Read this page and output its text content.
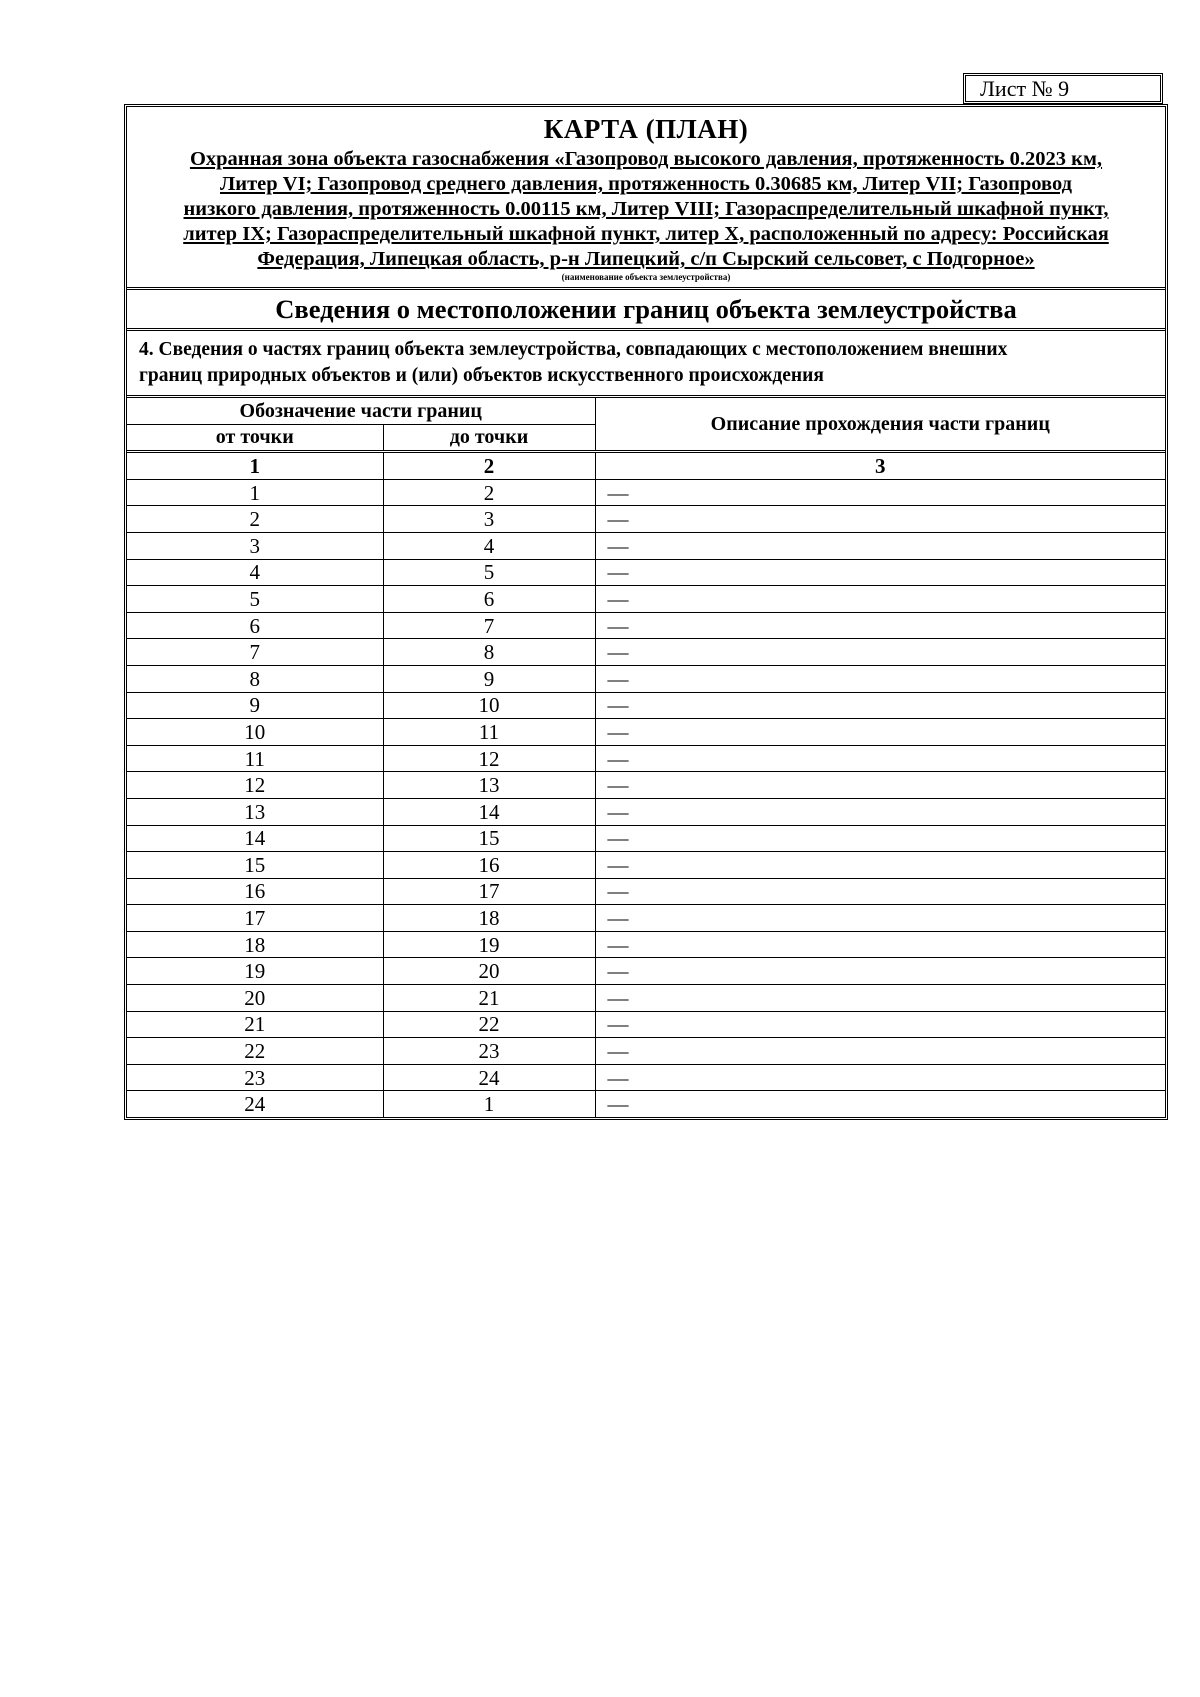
Лист № 9
КАРТА (ПЛАН)
Охранная зона объекта газоснабжения «Газопровод высокого давления, протяженность 0.2023 км,
Литер VI; Газопровод среднего давления, протяженность 0.30685 км, Литер VII; Газопровод
низкого давления, протяженность 0.00115 км, Литер VIII; Газораспределительный шкафной пункт,
литер IX; Газораспределительный шкафной пункт, литер X, расположенный по адресу: Российская
Федерация, Липецкая область, р-н Липецкий, с/п Сырский сельсовет, с Подгорное»
(наименование объекта землеустройства)
Сведения о местоположении границ объекта землеустройства
4. Сведения о частях границ объекта землеустройства, совпадающих с местоположением внешних
границ природных объектов и (или) объектов искусственного происхождения
Обозначение части границ		Описание прохождения части границ
от точки	до точки	
1	2	3
1	2	—
2	3	—
3	4	—
4	5	—
5	6	—
6	7	—
7	8	—
8	9	—
9	10	—
10	11	—
11	12	—
12	13	—
13	14	—
14	15	—
15	16	—
16	17	—
17	18	—
18	19	—
19	20	—
20	21	—
21	22	—
22	23	—
23	24	—
24	1	—
